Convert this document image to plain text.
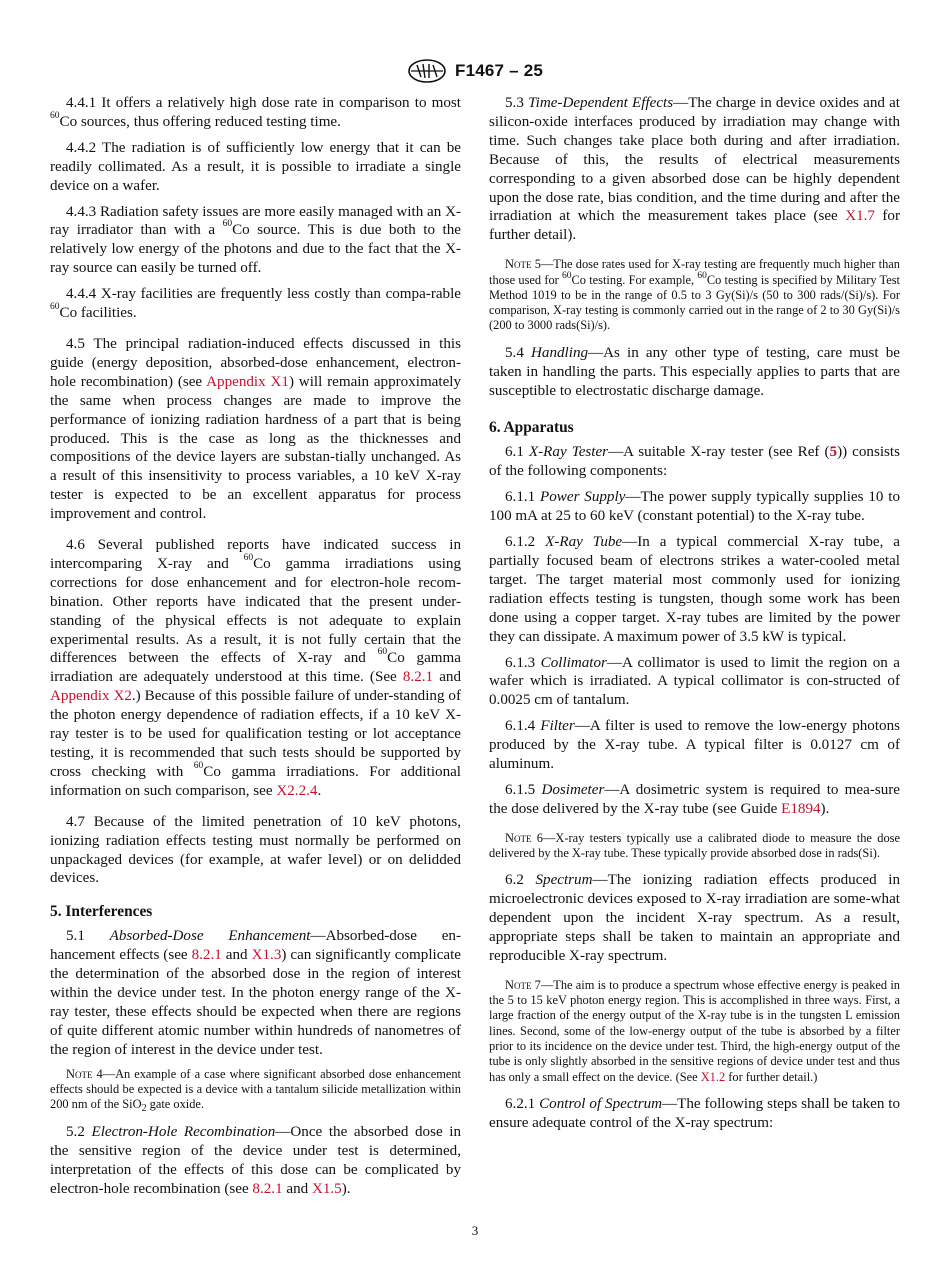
F1467 – 25

4.4.1 It offers a relatively high dose rate in comparison to most $^{60}$Co sources, thus offering reduced testing time.

4.4.2 The radiation is of sufficiently low energy that it can be readily collimated. As a result, it is possible to irradiate a single device on a wafer.

4.4.3 Radiation safety issues are more easily managed with an X-ray irradiator than with a $^{60}$Co source. This is due both to the relatively low energy of the photons and due to the fact that the X-ray source can easily be turned off.

4.4.4 X-ray facilities are frequently less costly than compa-rable $^{60}$Co facilities.

4.5 The principal radiation-induced effects discussed in this guide (energy deposition, absorbed-dose enhancement, electron-hole recombination) (see Appendix X1) will remain approximately the same when process changes are made to improve the performance of ionizing radiation hardness of a part that is being produced. This is the case as long as the thicknesses and compositions of the device layers are substan-tially unchanged. As a result of this insensitivity to process variables, a 10 keV X-ray tester is expected to be an excellent apparatus for process improvement and control.

4.6 Several published reports have indicated success in intercomparing X-ray and $^{60}$Co gamma irradiations using corrections for dose enhancement and for electron-hole recom-bination. Other reports have indicated that the present under-standing of the physical effects is not adequate to explain experimental results. As a result, it is not fully certain that the differences between the effects of X-ray and $^{60}$Co gamma irradiation are adequately understood at this time. (See 8.2.1 and Appendix X2.) Because of this possible failure of under-standing of the photon energy dependence of radiation effects, if a 10 keV X-ray tester is to be used for qualification testing or lot acceptance testing, it is recommended that such tests should be supported by cross checking with $^{60}$Co gamma irradiations. For additional information on such comparison, see X2.2.4.

4.7 Because of the limited penetration of 10 keV photons, ionizing radiation effects testing must normally be performed on unpackaged devices (for example, at wafer level) or on delidded devices.

5. Interferences

5.1 Absorbed-Dose Enhancement—Absorbed-dose en-hancement effects (see 8.2.1 and X1.3) can significantly complicate the determination of the absorbed dose in the region of interest within the device under test. In the photon energy range of the X-ray tester, these effects should be expected when there are regions of quite different atomic number within hundreds of nanometres of the region of interest in the device under test.

Note 4—An example of a case where significant absorbed dose enhancement effects should be expected is a device with a tantalum silicide metallization within 200 nm of the SiO$_2$ gate oxide.

5.2 Electron-Hole Recombination—Once the absorbed dose in the sensitive region of the device under test is determined, interpretation of the effects of this dose can be complicated by electron-hole recombination (see 8.2.1 and X1.5).

5.3 Time-Dependent Effects—The charge in device oxides and at silicon-oxide interfaces produced by irradiation may change with time. Such changes take place both during and after irradiation. Because of this, the results of electrical measurements corresponding to a given absorbed dose can be highly dependent upon the dose rate, bias condition, and the time during and after the irradiation at which the measurement takes place (see X1.7 for further detail).

Note 5—The dose rates used for X-ray testing are frequently much higher than those used for $^{60}$Co testing. For example, $^{60}$Co testing is specified by Military Test Method 1019 to be in the range of 0.5 to 3 Gy(Si)/s (50 to 300 rads/(Si)/s). For comparison, X-ray testing is commonly carried out in the range of 2 to 30 Gy(Si)/s (200 to 3000 rads(Si)/s).

5.4 Handling—As in any other type of testing, care must be taken in handling the parts. This especially applies to parts that are susceptible to electrostatic discharge damage.

6. Apparatus

6.1 X-Ray Tester—A suitable X-ray tester (see Ref (5)) consists of the following components:

6.1.1 Power Supply—The power supply typically supplies 10 to 100 mA at 25 to 60 keV (constant potential) to the X-ray tube.

6.1.2 X-Ray Tube—In a typical commercial X-ray tube, a partially focused beam of electrons strikes a water-cooled metal target. The target material most commonly used for ionizing radiation effects testing is tungsten, though some work has been done using a copper target. X-ray tubes are limited by the power they can dissipate. A maximum power of 3.5 kW is typical.

6.1.3 Collimator—A collimator is used to limit the region on a wafer which is irradiated. A typical collimator is con-structed of 0.0025 cm of tantalum.

6.1.4 Filter—A filter is used to remove the low-energy photons produced by the X-ray tube. A typical filter is 0.0127 cm of aluminum.

6.1.5 Dosimeter—A dosimetric system is required to mea-sure the dose delivered by the X-ray tube (see Guide E1894).

Note 6—X-ray testers typically use a calibrated diode to measure the dose delivered by the X-ray tube. These typically provide absorbed dose in rads(Si).

6.2 Spectrum—The ionizing radiation effects produced in microelectronic devices exposed to X-ray irradiation are some-what dependent upon the incident X-ray spectrum. As a result, appropriate steps shall be taken to maintain an appropriate and reproducible X-ray spectrum.

Note 7—The aim is to produce a spectrum whose effective energy is peaked in the 5 to 15 keV photon energy region. This is accomplished in three ways. First, a large fraction of the energy output of the X-ray tube is in the tungsten L emission lines. Second, some of the low-energy output of the tube is absorbed by a filter prior to its incidence on the device under test. Third, the high-energy output of the tube is only slightly absorbed in the sensitive regions of device under test and thus has only a small effect on the device. (See X1.2 for further detail.)

6.2.1 Control of Spectrum—The following steps shall be taken to ensure adequate control of the X-ray spectrum:

3
